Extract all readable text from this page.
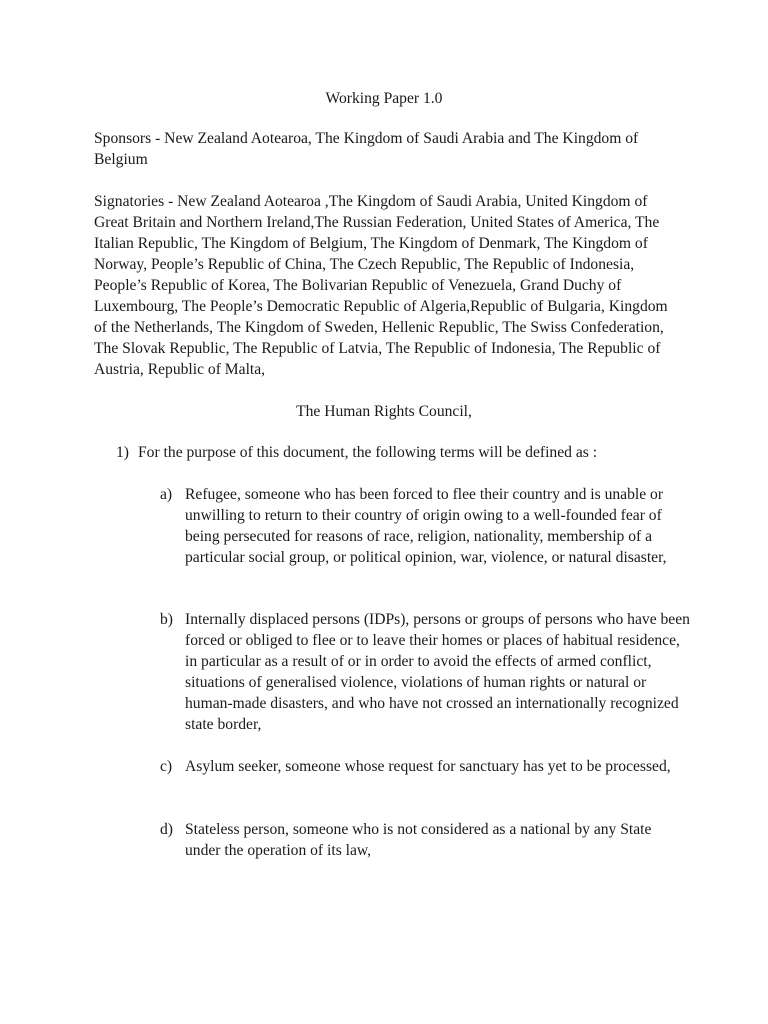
Working Paper 1.0
Sponsors - New Zealand Aotearoa, The Kingdom of Saudi Arabia and The Kingdom of Belgium
Signatories - New Zealand Aotearoa ,The Kingdom of Saudi Arabia, United Kingdom of Great Britain and Northern Ireland,The Russian Federation, United States of America, The Italian Republic, The Kingdom of Belgium, The Kingdom of Denmark, The Kingdom of Norway, People’s Republic of China, The Czech Republic, The Republic of Indonesia, People’s Republic of Korea, The Bolivarian Republic of Venezuela, Grand Duchy of Luxembourg, The People’s Democratic Republic of Algeria,Republic of Bulgaria, Kingdom of the Netherlands, The Kingdom of Sweden, Hellenic Republic, The Swiss Confederation, The Slovak Republic, The Republic of Latvia, The Republic of Indonesia, The Republic of Austria, Republic of Malta,
The Human Rights Council,
1) For the purpose of this document, the following terms will be defined as :
a) Refugee, someone who has been forced to flee their country and is unable or unwilling to return to their country of origin owing to a well-founded fear of being persecuted for reasons of race, religion, nationality, membership of a particular social group, or political opinion, war, violence, or natural disaster,
b) Internally displaced persons (IDPs), persons or groups of persons who have been forced or obliged to flee or to leave their homes or places of habitual residence, in particular as a result of or in order to avoid the effects of armed conflict, situations of generalised violence, violations of human rights or natural or human-made disasters, and who have not crossed an internationally recognized state border,
c) Asylum seeker, someone whose request for sanctuary has yet to be processed,
d) Stateless person, someone who is not considered as a national by any State under the operation of its law,
